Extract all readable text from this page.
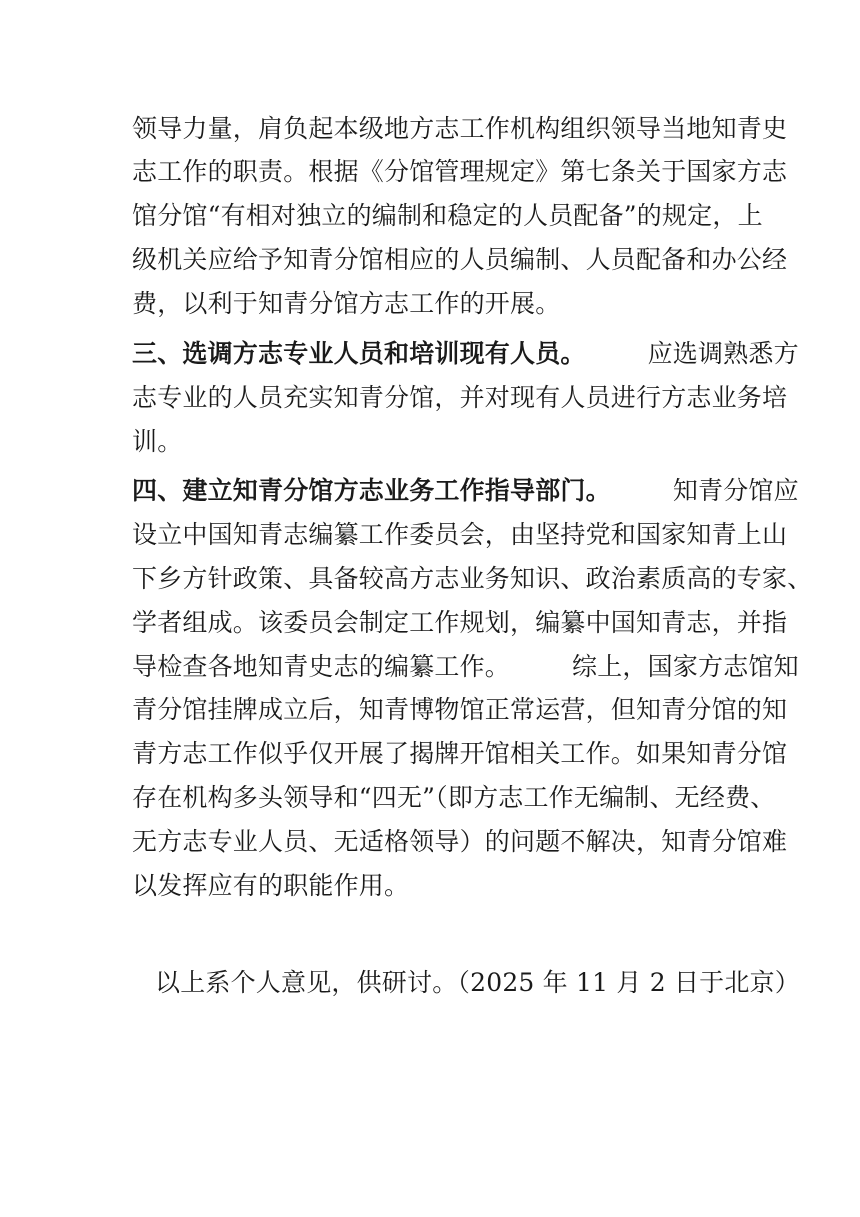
领导力量，肩负起本级地方志工作机构组织领导当地知青史
志工作的职责。根据《分馆管理规定》第七条关于国家方志
馆分馆“有相对独立的编制和稳定的人员配备”的规定，上
级机关应给予知青分馆相应的人员编制、人员配备和办公经
费，以利于知青分馆方志工作的开展。
三、选调方志专业人员和培训现有人员。 应选调熟悉方
志专业的人员充实知青分馆，并对现有人员进行方志业务培
训。
四、建立知青分馆方志业务工作指导部门。 知青分馆应
设立中国知青志编纂工作委员会，由坚持党和国家知青上山
下乡方针政策、具备较高方志业务知识、政治素质高的专家、
学者组成。该委员会制定工作规划，编纂中国知青志，并指
导检查各地知青史志的编纂工作。 综上，国家方志馆知
青分馆挂牌成立后，知青博物馆正常运营，但知青分馆的知
青方志工作似乎仅开展了揭牌开馆相关工作。如果知青分馆
存在机构多头领导和“四无”（即方志工作无编制、无经费、
无方志专业人员、无适格领导）的问题不解决，知青分馆难
以发挥应有的职能作用。
以上系个人意见，供研讨。（2025 年 11 月 2 日于北京）
